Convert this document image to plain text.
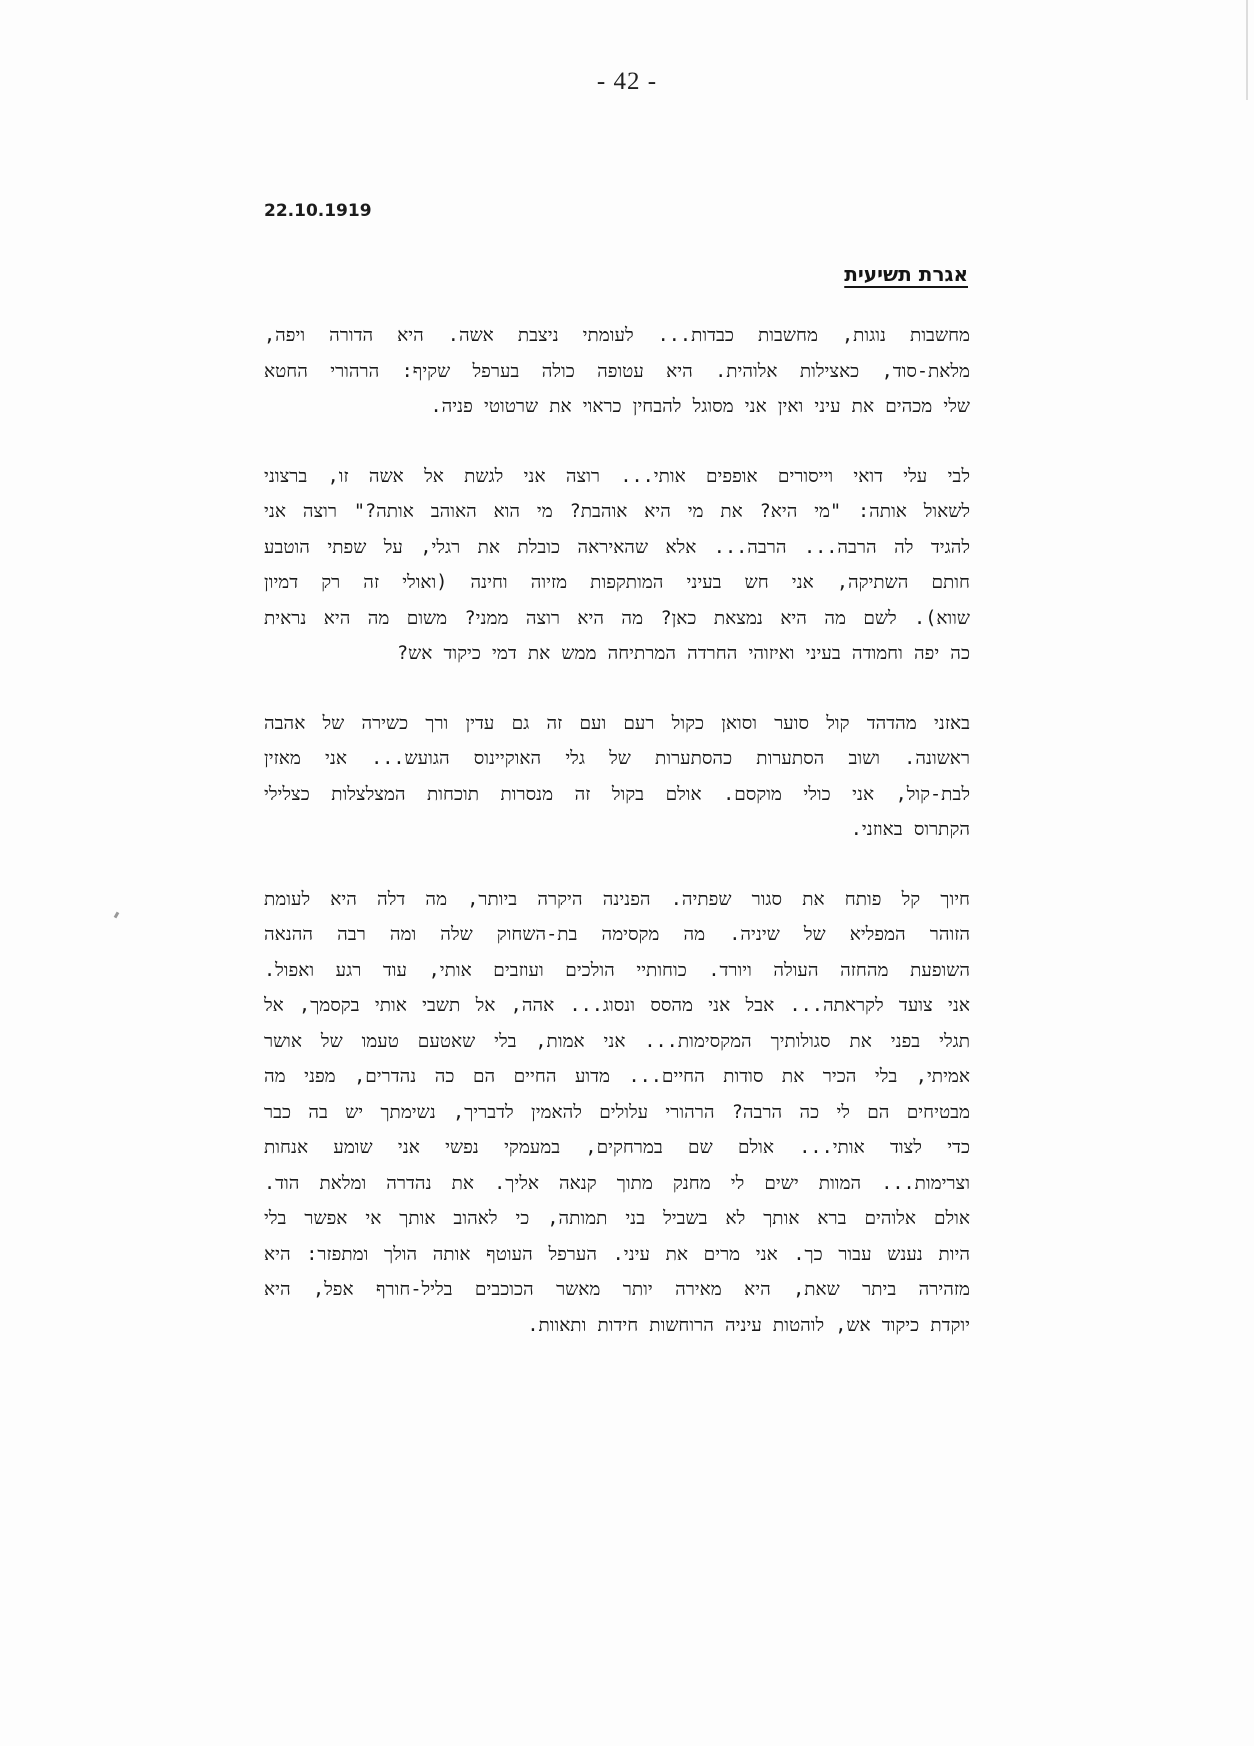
- 42 -
22.10.1919
אגרת תשיעית
מחשבות נוגות, מחשבות כבדות... לעומתי ניצבת אשה. היא הדורה ויפה,
מלאת-סוד, כאצילות אלוהית. היא עטופה כולה בערפל שקיף: הרהורי החטא
שלי מכהים את עיני ואין אני מסוגל להבחין כראוי את שרטוטי פניה.
לבי עלי דואי וייסורים אופפים אותי... רוצה אני לגשת אל אשה זו, ברצוני
לשאול אותה: "מי היא? את מי היא אוהבת? מי הוא האוהב אותה?" רוצה אני
להגיד לה הרבה... הרבה... אלא שהאיראה כובלת את רגלי, על שפתי הוטבע
חותם השתיקה, אני חש בעיני המותקפות מזיוה וחינה (ואולי זה רק דמיון
שווא). לשם מה היא נמצאת כאן? מה היא רוצה ממני? משום מה היא נראית
כה יפה וחמודה בעיני ואיזוהי החרדה המרתיחה ממש את דמי כיקוד אש?
באזני מהדהד קול סוער וסואן כקול רעם ועם זה גם עדין ורך כשירה של אהבה
ראשונה. ושוב הסתערות כהסתערות של גלי האוקיינוס הגועש... אני מאזין
לבת-קול, אני כולי מוקסם. אולם בקול זה מנסרות תוכחות המצלצלות כצלילי
הקתרוס באוזני.
חיוך קל פותח את סגור שפתיה. הפנינה היקרה ביותר, מה דלה היא לעומת
הזוהר המפליא של שיניה. מה מקסימה בת-השחוק שלה ומה רבה ההנאה
השופעת מהחזה העולה ויורד. כוחותיי הולכים ועוזבים אותי, עוד רגע ואפול.
אני צועד לקראתה... אבל אני מהסס ונסוג... אהה, אל תשבי אותי בקסמך, אל
תגלי בפני את סגולותיך המקסימות... אני אמות, בלי שאטעם טעמו של אושר
אמיתי, בלי הכיר את סודות החיים... מדוע החיים הם כה נהדרים, מפני מה
מבטיחים הם לי כה הרבה? הרהורי עלולים להאמין לדבריך, נשימתך יש בה כבר
כדי לצוד אותי... אולם שם במרחקים, במעמקי נפשי אני שומע אנחות
וצרימות... המוות ישים לי מחנק מתוך קנאה אליך. את נהדרה ומלאת הוד.
אולם אלוהים ברא אותך לא בשביל בני תמותה, כי לאהוב אותך אי אפשר בלי
היות נענש עבור כך. אני מרים את עיני. הערפל העוטף אותה הולך ומתפזר: היא
מזהירה ביתר שאת, היא מאירה יותר מאשר הכוכבים בליל-חורף אפל, היא
יוקדת כיקוד אש, לוהטות עיניה הרוחשות חידות ותאוות.
